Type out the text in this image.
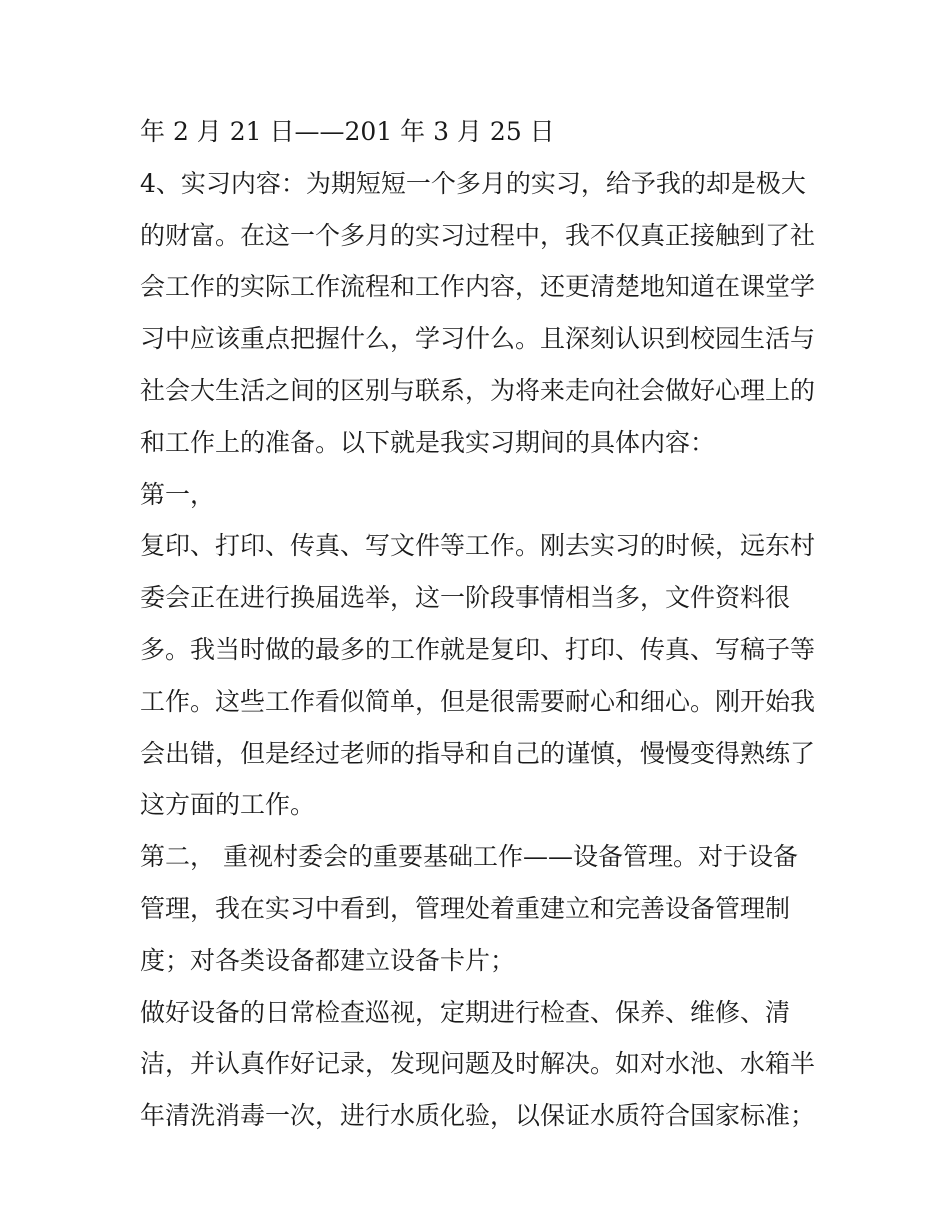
年 2 月 21 日——201 年 3 月 25 日
4、实习内容：为期短短一个多月的实习，给予我的却是极大
的财富。在这一个多月的实习过程中，我不仅真正接触到了社
会工作的实际工作流程和工作内容，还更清楚地知道在课堂学
习中应该重点把握什么，学习什么。且深刻认识到校园生活与
社会大生活之间的区别与联系，为将来走向社会做好心理上的
和工作上的准备。以下就是我实习期间的具体内容：
第一，
复印、打印、传真、写文件等工作。刚去实习的时候，远东村
委会正在进行换届选举，这一阶段事情相当多，文件资料很
多。我当时做的最多的工作就是复印、打印、传真、写稿子等
工作。这些工作看似简单，但是很需要耐心和细心。刚开始我
会出错，但是经过老师的指导和自己的谨慎，慢慢变得熟练了
这方面的工作。
第二， 重视村委会的重要基础工作——设备管理。对于设备
管理，我在实习中看到，管理处着重建立和完善设备管理制
度；对各类设备都建立设备卡片；
做好设备的日常检查巡视，定期进行检查、保养、维修、清
洁，并认真作好记录，发现问题及时解决。如对水池、水箱半
年清洗消毒一次，进行水质化验，以保证水质符合国家标准；
